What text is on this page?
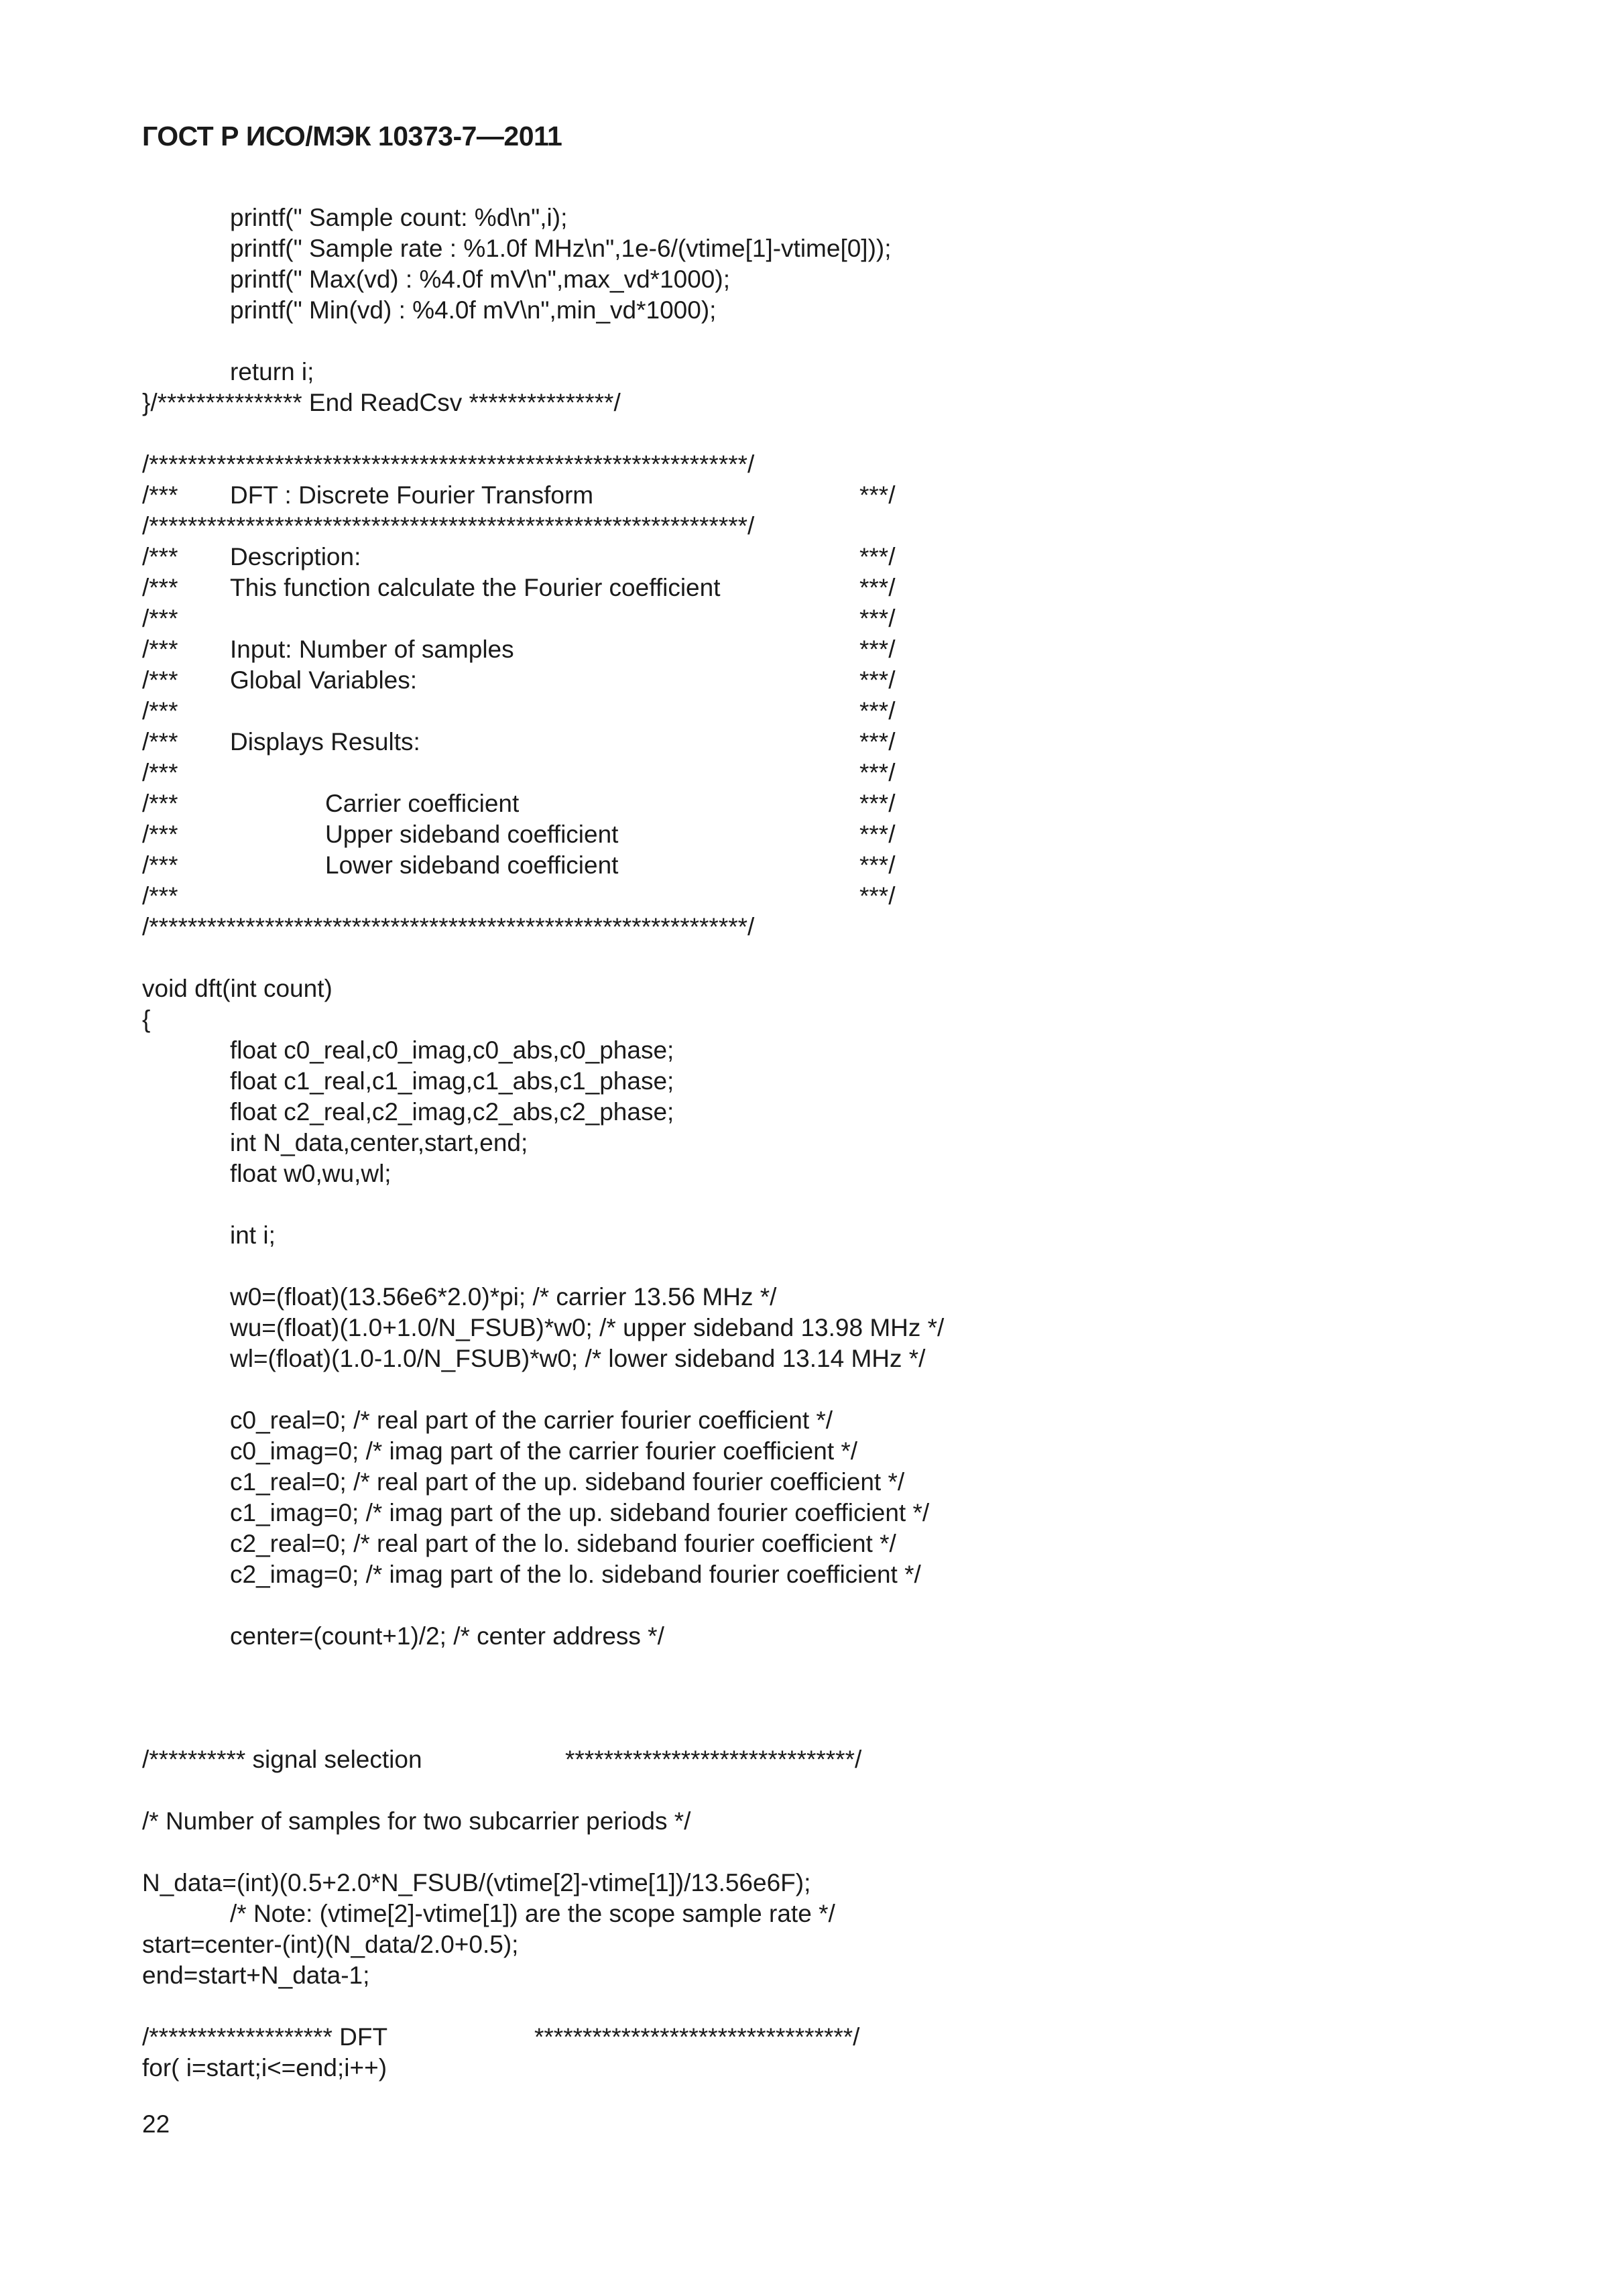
ГОСТ Р ИСО/МЭК 10373-7—2011
printf(" Sample count: %d\n",i);
printf(" Sample rate : %1.0f MHz\n",1e-6/(vtime[1]-vtime[0]));
printf(" Max(vd) : %4.0f mV\n",max_vd*1000);
printf(" Min(vd) : %4.0f mV\n",min_vd*1000);
return i;
}/*************** End ReadCsv ***************/
/**************************************************************/
/*** DFT : Discrete Fourier Transform	***/
/**************************************************************/
/*** Description:	***/
/*** This function calculate the Fourier coefficient	***/
/***	***/
/*** Input: Number of samples	***/
/*** Global Variables:	***/
/***	***/
/*** Displays Results:	***/
/***	***/
/***	Carrier coefficient	***/
/***	Upper sideband coefficient	***/
/***	Lower sideband coefficient	***/
/***	***/
/**************************************************************/
void dft(int count)
{
float c0_real,c0_imag,c0_abs,c0_phase;
float c1_real,c1_imag,c1_abs,c1_phase;
float c2_real,c2_imag,c2_abs,c2_phase;
int N_data,center,start,end;
float w0,wu,wl;
int i;
w0=(float)(13.56e6*2.0)*pi; /* carrier 13.56 MHz */
wu=(float)(1.0+1.0/N_FSUB)*w0; /* upper sideband 13.98 MHz */
wl=(float)(1.0-1.0/N_FSUB)*w0; /* lower sideband 13.14 MHz */
c0_real=0; /* real part of the carrier fourier coefficient */
c0_imag=0; /* imag part of the carrier fourier coefficient */
c1_real=0; /* real part of the up. sideband fourier coefficient */
c1_imag=0; /* imag part of the up. sideband fourier coefficient */
c2_real=0; /* real part of the lo. sideband fourier coefficient */
c2_imag=0; /* imag part of the lo. sideband fourier coefficient */
center=(count+1)/2; /* center address */
/********** signal selection	******************************/
/* Number of samples for two subcarrier periods */
N_data=(int)(0.5+2.0*N_FSUB/(vtime[2]-vtime[1])/13.56e6F);
/* Note: (vtime[2]-vtime[1]) are the scope sample rate */
start=center-(int)(N_data/2.0+0.5);
end=start+N_data-1;
/******************* DFT	*********************************/
for( i=start;i<=end;i++)
22
